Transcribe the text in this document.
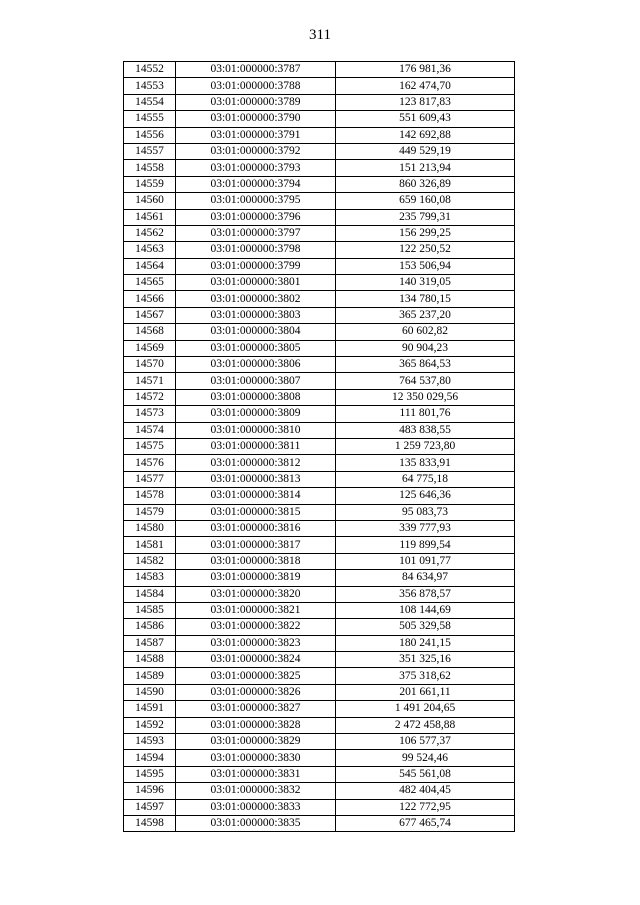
311
14552	03:01:000000:3787	176 981,36
14553	03:01:000000:3788	162 474,70
14554	03:01:000000:3789	123 817,83
14555	03:01:000000:3790	551 609,43
14556	03:01:000000:3791	142 692,88
14557	03:01:000000:3792	449 529,19
14558	03:01:000000:3793	151 213,94
14559	03:01:000000:3794	860 326,89
14560	03:01:000000:3795	659 160,08
14561	03:01:000000:3796	235 799,31
14562	03:01:000000:3797	156 299,25
14563	03:01:000000:3798	122 250,52
14564	03:01:000000:3799	153 506,94
14565	03:01:000000:3801	140 319,05
14566	03:01:000000:3802	134 780,15
14567	03:01:000000:3803	365 237,20
14568	03:01:000000:3804	60 602,82
14569	03:01:000000:3805	90 904,23
14570	03:01:000000:3806	365 864,53
14571	03:01:000000:3807	764 537,80
14572	03:01:000000:3808	12 350 029,56
14573	03:01:000000:3809	111 801,76
14574	03:01:000000:3810	483 838,55
14575	03:01:000000:3811	1 259 723,80
14576	03:01:000000:3812	135 833,91
14577	03:01:000000:3813	64 775,18
14578	03:01:000000:3814	125 646,36
14579	03:01:000000:3815	95 083,73
14580	03:01:000000:3816	339 777,93
14581	03:01:000000:3817	119 899,54
14582	03:01:000000:3818	101 091,77
14583	03:01:000000:3819	84 634,97
14584	03:01:000000:3820	356 878,57
14585	03:01:000000:3821	108 144,69
14586	03:01:000000:3822	505 329,58
14587	03:01:000000:3823	180 241,15
14588	03:01:000000:3824	351 325,16
14589	03:01:000000:3825	375 318,62
14590	03:01:000000:3826	201 661,11
14591	03:01:000000:3827	1 491 204,65
14592	03:01:000000:3828	2 472 458,88
14593	03:01:000000:3829	106 577,37
14594	03:01:000000:3830	99 524,46
14595	03:01:000000:3831	545 561,08
14596	03:01:000000:3832	482 404,45
14597	03:01:000000:3833	122 772,95
14598	03:01:000000:3835	677 465,74
